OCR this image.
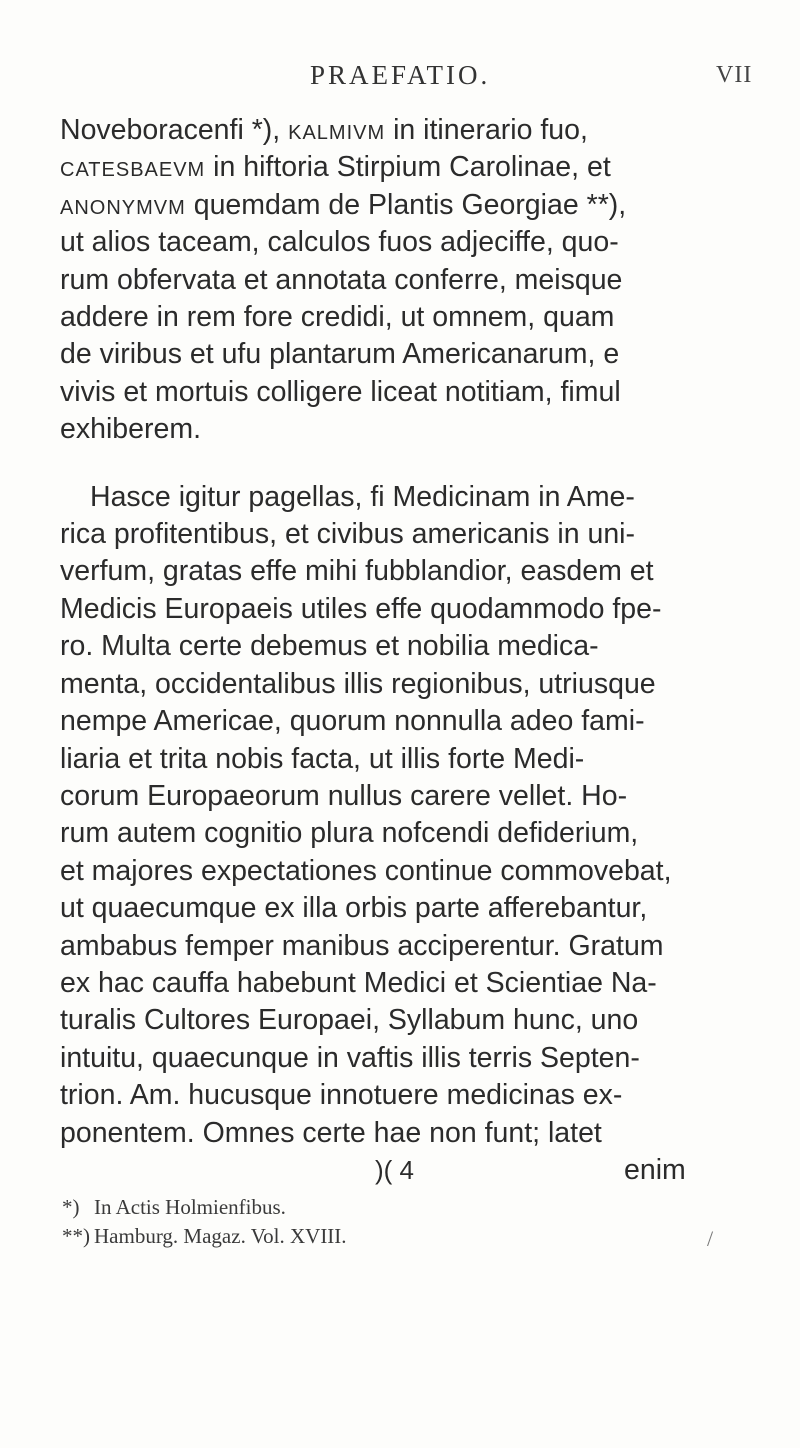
PRAEFATIO.	VII

Noveboracenfi *), kalmivm in itinerario fuo,
catesbaevm in hiftoria Stirpium Carolinae, et
anonymvm quemdam de Plantis Georgiae **),
ut alios taceam, calculos fuos adjeciffe, quo-
rum obfervata et annotata conferre, meisque
addere in rem fore credidi, ut omnem, quam
de viribus et ufu plantarum Americanarum, e
vivis et mortuis colligere liceat notitiam, fimul
exhiberem.

Hasce igitur pagellas, fi Medicinam in Ame-
rica profitentibus, et civibus americanis in uni-
verfum, gratas effe mihi fubblandior, easdem et
Medicis Europaeis utiles effe quodammodo fpe-
ro. Multa certe debemus et nobilia medica-
menta, occidentalibus illis regionibus, utriusque
nempe Americae, quorum nonnulla adeo fami-
liaria et trita nobis facta, ut illis forte Medi-
corum Europaeorum nullus carere vellet. Ho-
rum autem cognitio plura nofcendi defiderium,
et majores expectationes continue commovebat,
ut quaecumque ex illa orbis parte afferebantur,
ambabus femper manibus acciperentur. Gratum
ex hac cauffa habebunt Medici et Scientiae Na-
turalis Cultores Europaei, Syllabum hunc, uno
intuitu, quaecunque in vaftis illis terris Septen-
trion. Am. hucusque innotuere medicinas ex-
ponentem. Omnes certe hae non funt; latet

)( 4	enim
*) In Actis Holmienfibus.
**) Hamburg. Magaz. Vol. XVIII.	/
